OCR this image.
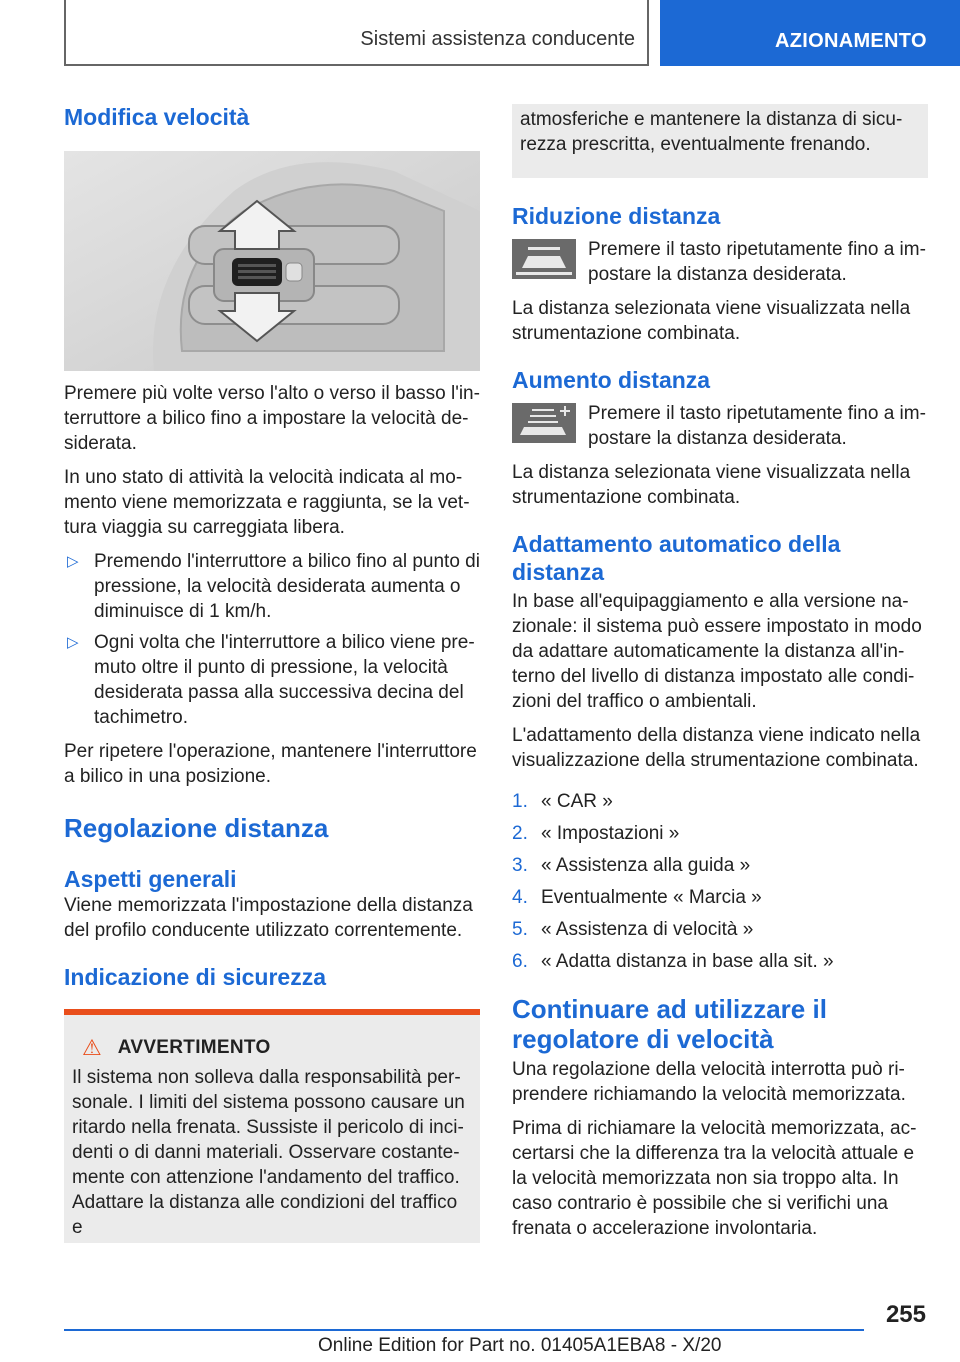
Sistemi assistenza conducente	AZIONAMENTO
Modifica velocità

Premere più volte verso l'alto o verso il basso l'in-terruttore a bilico fino a impostare la velocità de-siderata.

In uno stato di attività la velocità indicata al mo-mento viene memorizzata e raggiunta, se la vet-tura viaggia su carreggiata libera.

▷ Premendo l'interruttore a bilico fino al punto di pressione, la velocità desiderata aumenta o diminuisce di 1 km/h.
▷ Ogni volta che l'interruttore a bilico viene pre-muto oltre il punto di pressione, la velocità desiderata passa alla successiva decina del tachimetro.

Per ripetere l'operazione, mantenere l'interruttore a bilico in una posizione.

Regolazione distanza
Aspetti generali

Viene memorizzata l'impostazione della distanza del profilo conducente utilizzato correntemente.

Indicazione di sicurezza
⚠ AVVERTIMENTO

Il sistema non solleva dalla responsabilità per-sonale. I limiti del sistema possono causare un ritardo nella frenata. Sussiste il pericolo di inci-denti o di danni materiali. Osservare costante-mente con attenzione l'andamento del traffico. Adattare la distanza alle condizioni del traffico e

atmosferiche e mantenere la distanza di sicu-rezza prescritta, eventualmente frenando.
Riduzione distanza

Premere il tasto ripetutamente fino a im-postare la distanza desiderata.

La distanza selezionata viene visualizzata nella strumentazione combinata.

Aumento distanza

Premere il tasto ripetutamente fino a im-postare la distanza desiderata.

La distanza selezionata viene visualizzata nella strumentazione combinata.

Adattamento automatico della distanza

In base all'equipaggiamento e alla versione na-zionale: il sistema può essere impostato in modo da adattare automaticamente la distanza all'in-terno del livello di distanza impostato alle condi-zioni del traffico o ambientali.

L'adattamento della distanza viene indicato nella visualizzazione della strumentazione combinata.

1. « CAR »
2. « Impostazioni »
3. « Assistenza alla guida »
4. Eventualmente « Marcia »
5. « Assistenza di velocità »
6. « Adatta distanza in base alla sit. »
Continuare ad utilizzare il regolatore di velocità

Una regolazione della velocità interrotta può ri-prendere richiamando la velocità memorizzata.

Prima di richiamare la velocità memorizzata, ac-certarsi che la differenza tra la velocità attuale e la velocità memorizzata non sia troppo alta. In caso contrario è possibile che si verifichi una frenata o accelerazione involontaria.

255
Online Edition for Part no. 01405A1EBA8 - X/20
